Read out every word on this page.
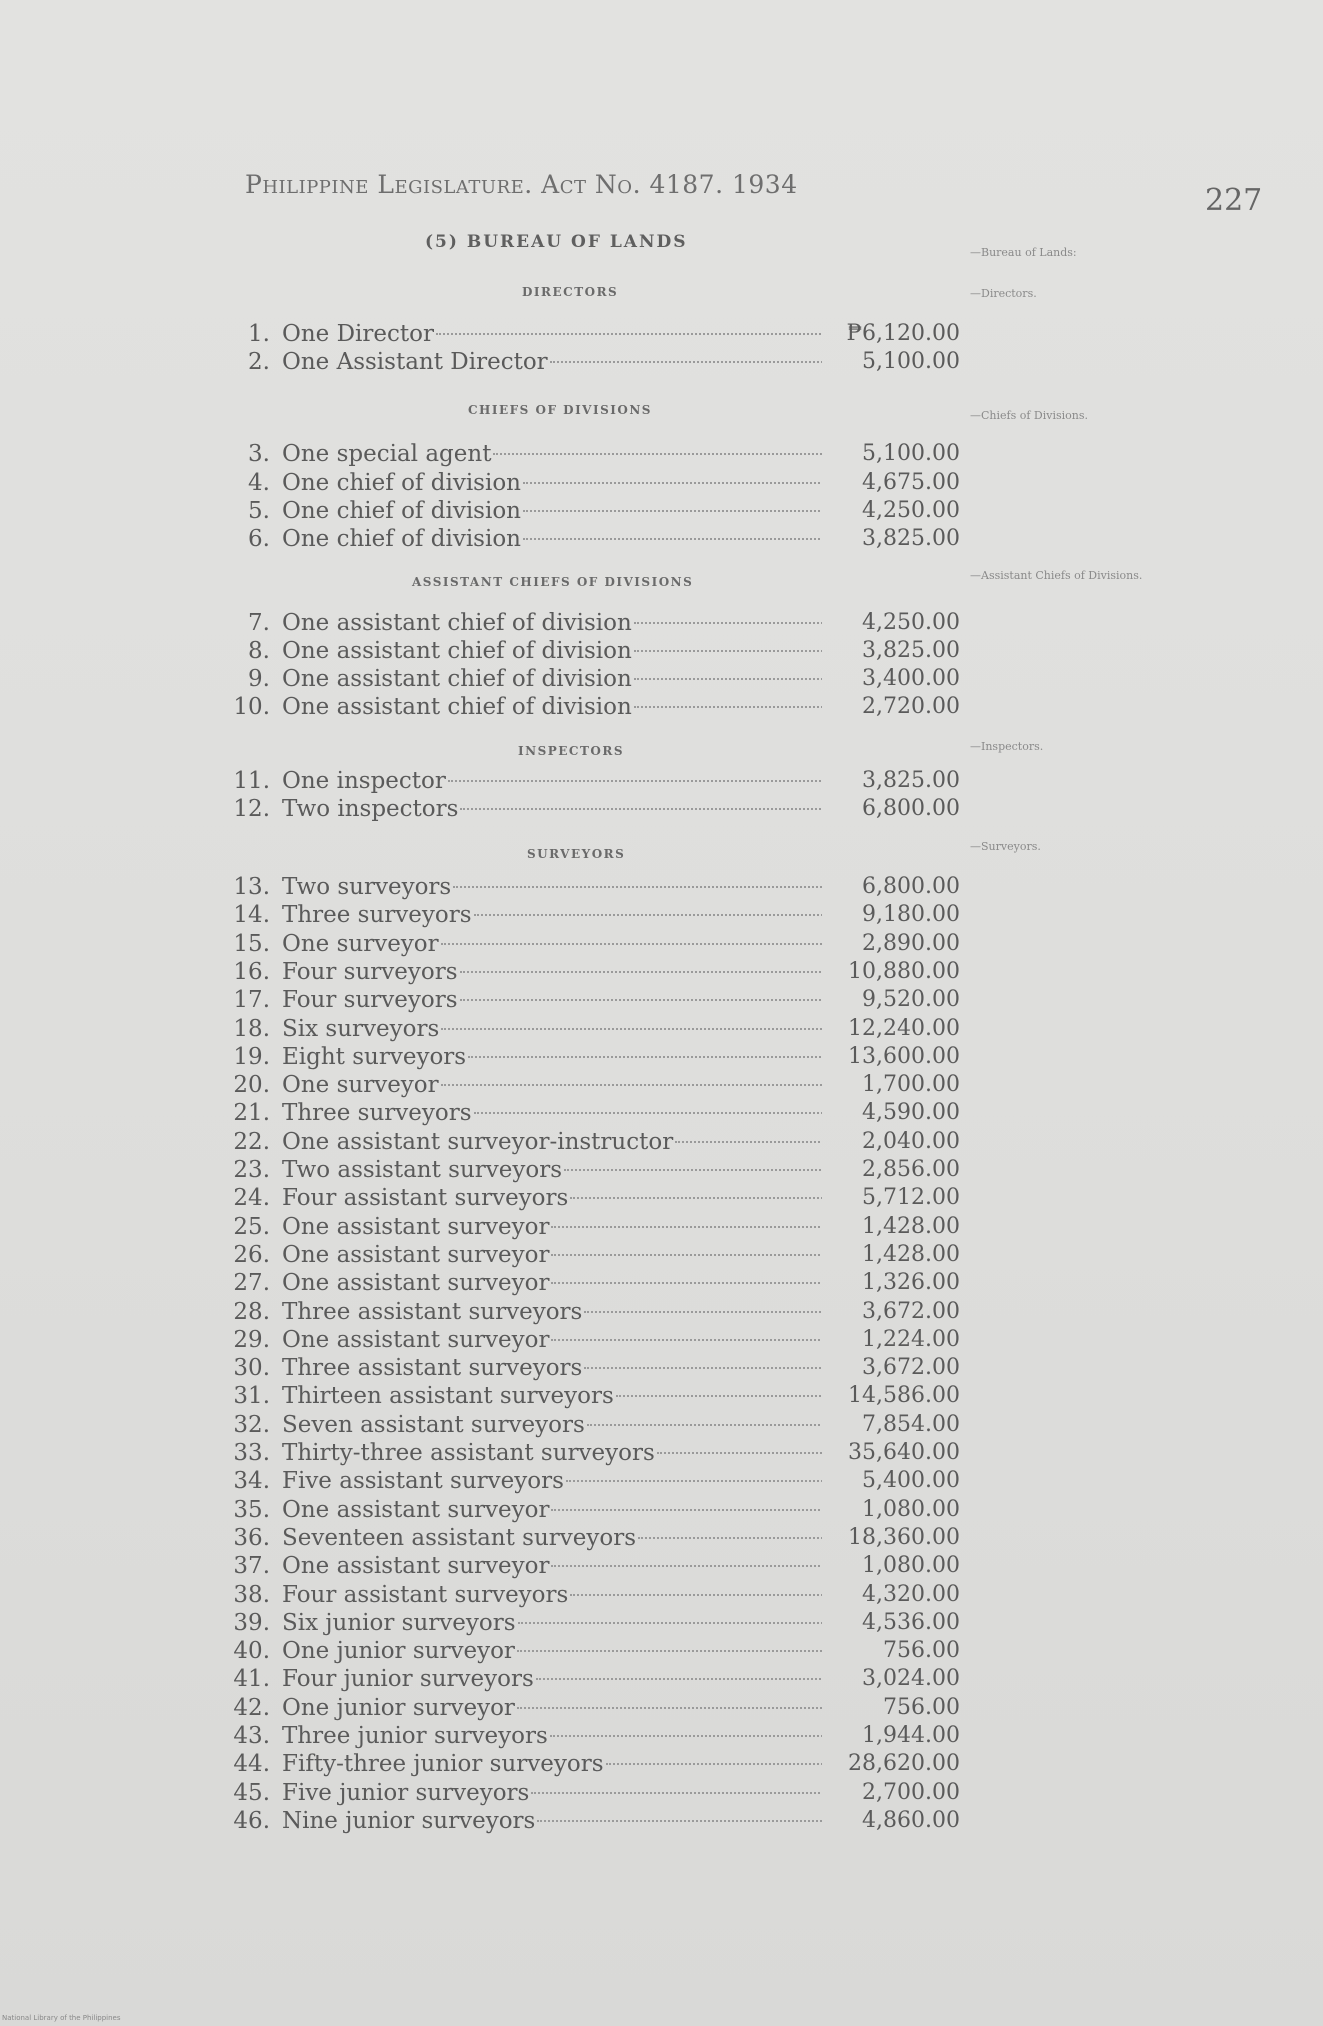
Philippine Legislature. Act No. 4187. 1934	227
(5) BUREAU OF LANDS
—Bureau of Lands:
—Directors.
—Chiefs of Divisions.
—Assistant Chiefs of Divisions.
—Inspectors.
—Surveyors.
DIRECTORS
CHIEFS OF DIVISIONS
ASSISTANT CHIEFS OF DIVISIONS
INSPECTORS
SURVEYORS
1. One Director	₱6,120.00
2. One Assistant Director	5,100.00
3. One special agent	5,100.00
4. One chief of division	4,675.00
5. One chief of division	4,250.00
6. One chief of division	3,825.00
7. One assistant chief of division	4,250.00
8. One assistant chief of division	3,825.00
9. One assistant chief of division	3,400.00
10. One assistant chief of division	2,720.00
11. One inspector	3,825.00
12. Two inspectors	6,800.00
13. Two surveyors	6,800.00
14. Three surveyors	9,180.00
15. One surveyor	2,890.00
16. Four surveyors	10,880.00
17. Four surveyors	9,520.00
18. Six surveyors	12,240.00
19. Eight surveyors	13,600.00
20. One surveyor	1,700.00
21. Three surveyors	4,590.00
22. One assistant surveyor-instructor	2,040.00
23. Two assistant surveyors	2,856.00
24. Four assistant surveyors	5,712.00
25. One assistant surveyor	1,428.00
26. One assistant surveyor	1,428.00
27. One assistant surveyor	1,326.00
28. Three assistant surveyors	3,672.00
29. One assistant surveyor	1,224.00
30. Three assistant surveyors	3,672.00
31. Thirteen assistant surveyors	14,586.00
32. Seven assistant surveyors	7,854.00
33. Thirty-three assistant surveyors	35,640.00
34. Five assistant surveyors	5,400.00
35. One assistant surveyor	1,080.00
36. Seventeen assistant surveyors	18,360.00
37. One assistant surveyor	1,080.00
38. Four assistant surveyors	4,320.00
39. Six junior surveyors	4,536.00
40. One junior surveyor	756.00
41. Four junior surveyors	3,024.00
42. One junior surveyor	756.00
43. Three junior surveyors	1,944.00
44. Fifty-three junior surveyors	28,620.00
45. Five junior surveyors	2,700.00
46. Nine junior surveyors	4,860.00
National Library of the Philippines
